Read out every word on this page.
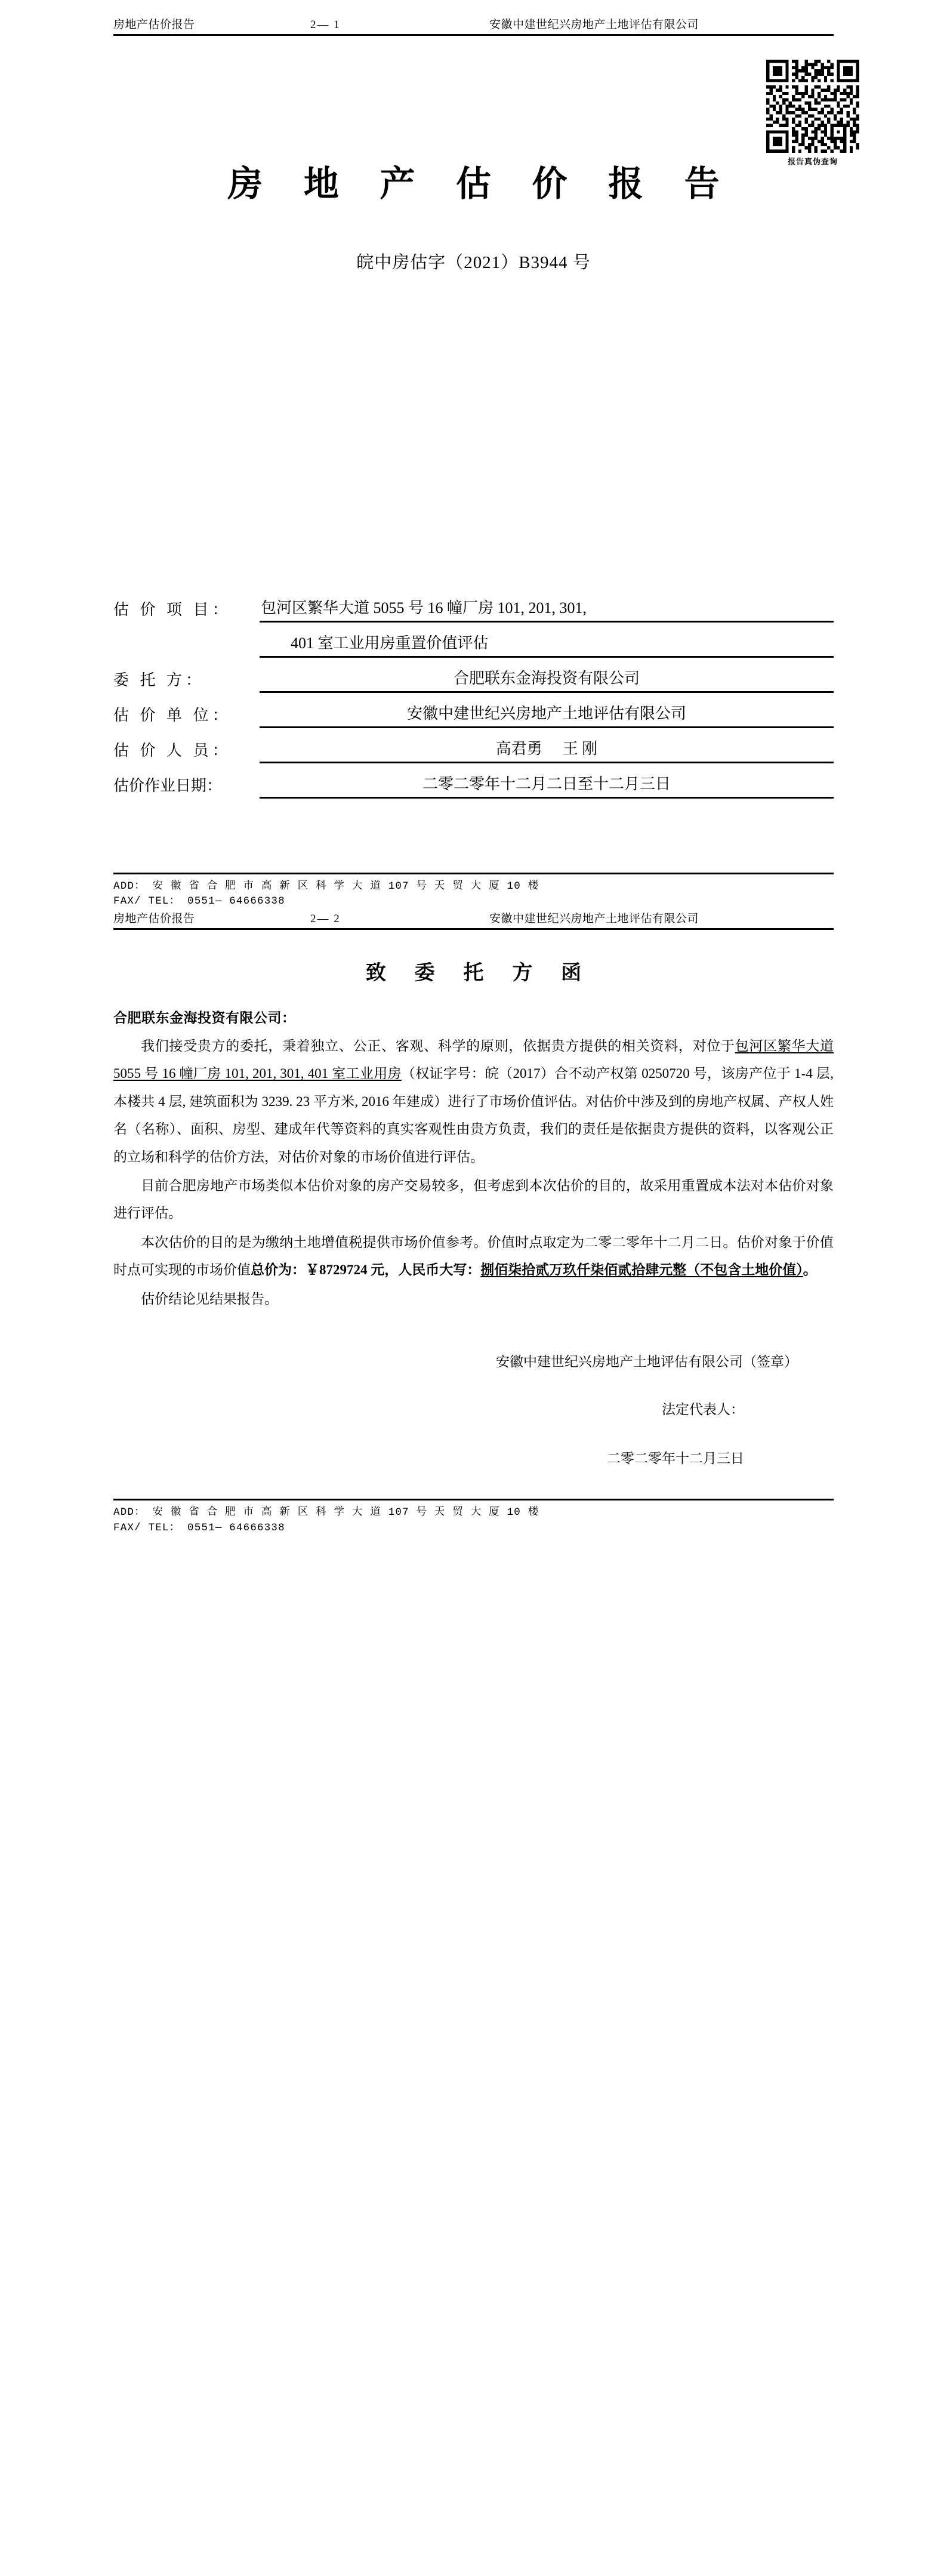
房地产估价报告	2— 1	安徽中建世纪兴房地产土地评估有限公司
报告真伪查询
房 地 产 估 价 报 告
皖中房估字（2021）B3944 号
估 价 项 目：	包河区繁华大道 5055 号 16 幢厂房 101, 201, 301,
401 室工业用房重置价值评估
委 托 方：	合肥联东金海投资有限公司
估 价 单 位：	安徽中建世纪兴房地产土地评估有限公司
估 价 人 员：	高君勇 王 刚
估价作业日期：	二零二零年十二月二日至十二月三日
ADD： 安 徽 省 合 肥 市 高 新 区 科 学 大 道 107 号 天 贸 大 厦 10 楼
FAX/ TEL： 0551— 64666338
房地产估价报告	2— 2	安徽中建世纪兴房地产土地评估有限公司
致 委 托 方 函
合肥联东金海投资有限公司：

我们接受贵方的委托，秉着独立、公正、客观、科学的原则，依据贵方提供的相关资料，对位于包河区繁华大道 5055 号 16 幢厂房 101, 201, 301, 401 室工业用房（权证字号：皖（2017）合不动产权第 0250720 号，该房产位于 1-4 层, 本楼共 4 层, 建筑面积为 3239. 23 平方米, 2016 年建成）进行了市场价值评估。对估价中涉及到的房地产权属、产权人姓名（名称）、面积、房型、建成年代等资料的真实客观性由贵方负责，我们的责任是依据贵方提供的资料，以客观公正的立场和科学的估价方法，对估价对象的市场价值进行评估。

目前合肥房地产市场类似本估价对象的房产交易较多，但考虑到本次估价的目的，故采用重置成本法对本估价对象进行评估。

本次估价的目的是为缴纳土地增值税提供市场价值参考。价值时点取定为二零二零年十二月二日。估价对象于价值时点可实现的市场价值总价为：￥8729724 元，人民币大写：捌佰柒拾贰万玖仟柒佰贰拾肆元整（不包含土地价值）。

估价结论见结果报告。

安徽中建世纪兴房地产土地评估有限公司（签章）
法定代表人：
二零二零年十二月三日
ADD： 安 徽 省 合 肥 市 高 新 区 科 学 大 道 107 号 天 贸 大 厦 10 楼
FAX/ TEL： 0551— 64666338
